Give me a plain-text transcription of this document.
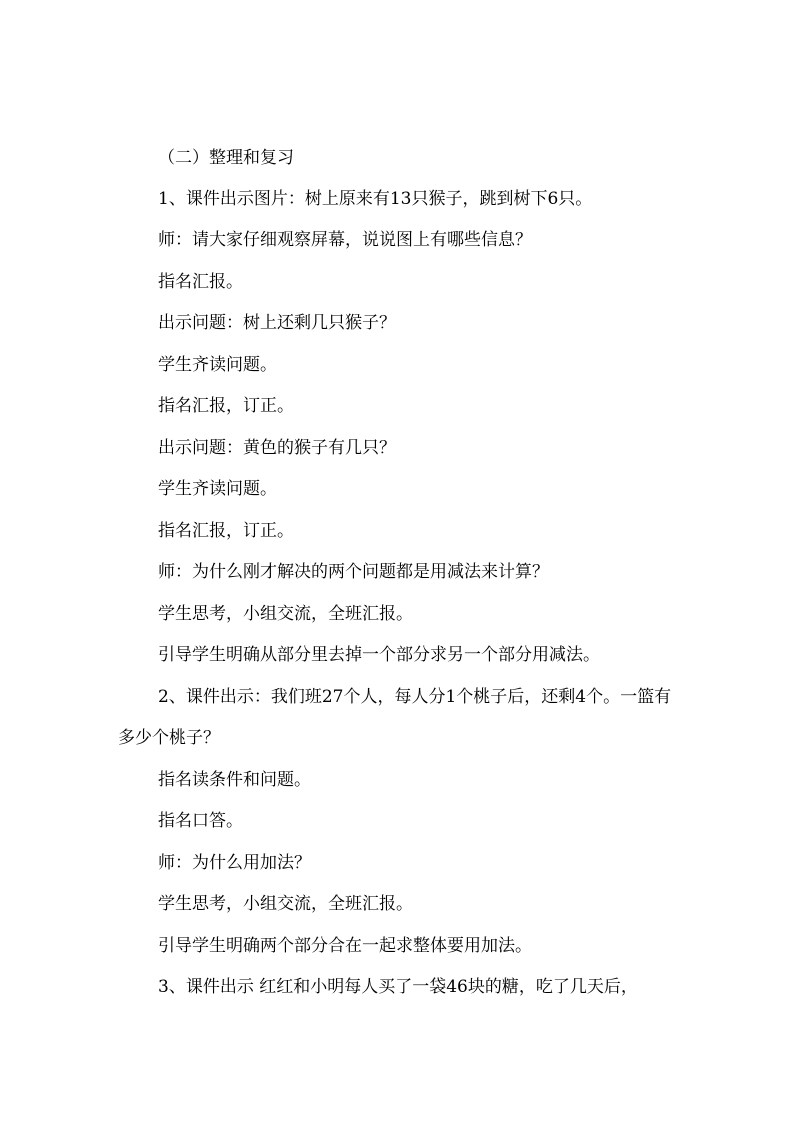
（二）整理和复习

1、课件出示图片：树上原来有13只猴子，跳到树下6只。

师：请大家仔细观察屏幕，说说图上有哪些信息？

指名汇报。

出示问题：树上还剩几只猴子？

学生齐读问题。

指名汇报，订正。

出示问题：黄色的猴子有几只？

学生齐读问题。

指名汇报，订正。

师：为什么刚才解决的两个问题都是用减法来计算？

学生思考，小组交流，全班汇报。

引导学生明确从部分里去掉一个部分求另一个部分用减法。

2、课件出示：我们班27个人，每人分1个桃子后，还剩4个。一篮有多少个桃子？

指名读条件和问题。

指名口答。

师：为什么用加法？

学生思考，小组交流，全班汇报。

引导学生明确两个部分合在一起求整体要用加法。

3、课件出示 红红和小明每人买了一袋46块的糖，吃了几天后，
